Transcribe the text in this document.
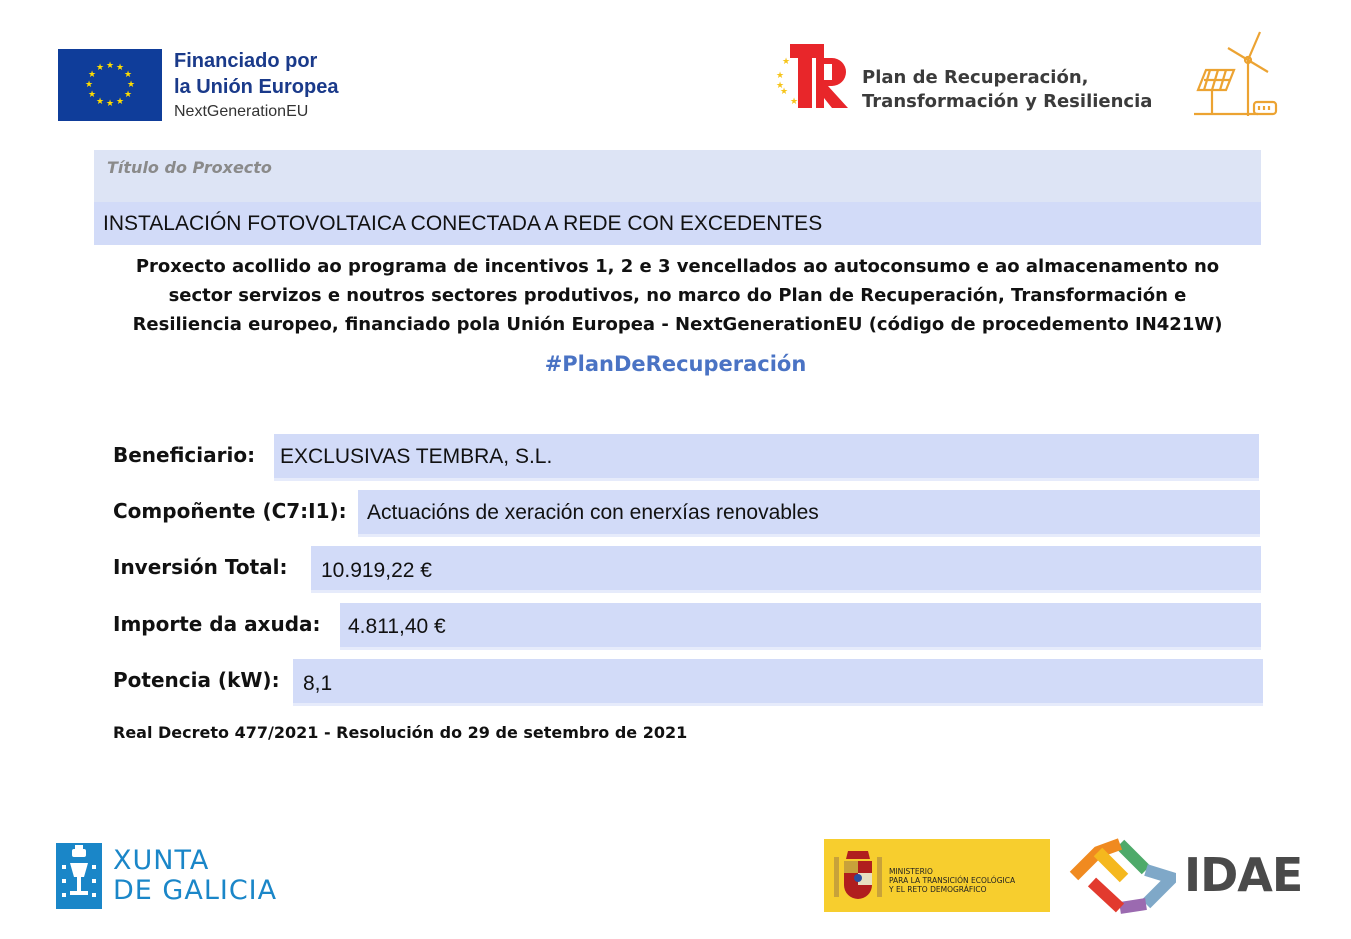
★ ★
★
★
★
★
★
★
★
★
★
★	Financiado por
la Unión Europea
NextGenerationEU
★
★
★
★
★	Plan de Recuperación,
Transformación y Resiliencia
Título do Proxecto
INSTALACIÓN FOTOVOLTAICA CONECTADA A REDE CON EXCEDENTES
Proxecto acollido ao programa de incentivos 1, 2 e 3 vencellados ao autoconsumo e ao almacenamento no
sector servizos e noutros sectores produtivos, no marco do Plan de Recuperación, Transformación e
Resiliencia europeo, financiado pola Unión Europea - NextGenerationEU (código de procedemento IN421W)
#PlanDeRecuperación
Beneficiario: EXCLUSIVAS TEMBRA, S.L.
Compoñente (C7:I1): Actuacións de xeración con enerxías renovables
Inversión Total: 10.919,22 €
Importe da axuda: 4.811,40 €
Potencia (kW): 8,1
Real Decreto 477/2021 - Resolución do 29 de setembro de 2021
XUNTA
DE GALICIA
MINISTERIO
PARA LA TRANSICIÓN ECOLÓGICA
Y EL RETO DEMOGRÁFICO	IDAE
